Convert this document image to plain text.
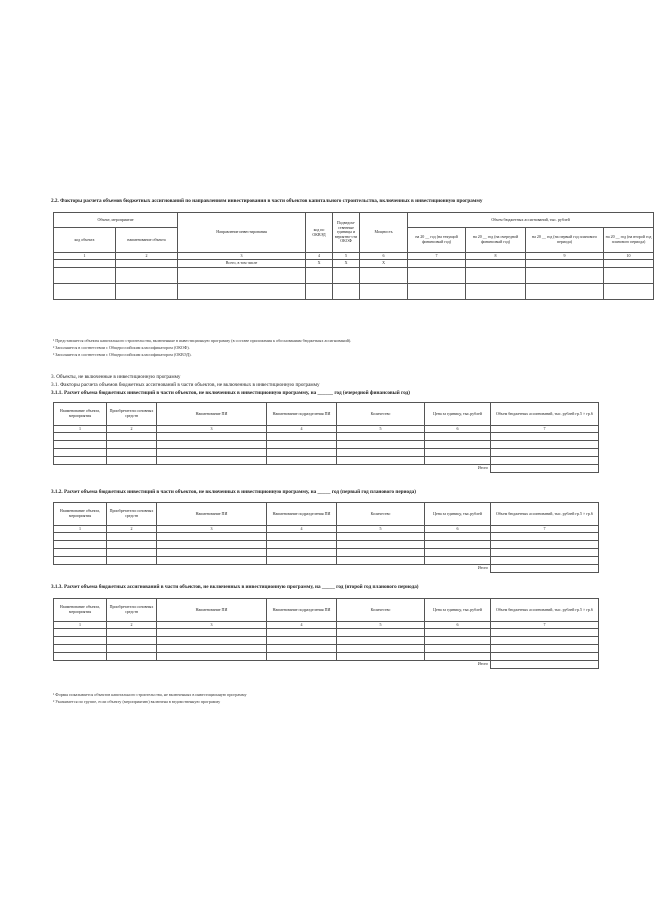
2.2. Факторы расчета объемов бюджетных ассигнований по направлениям инвестирования в части объектов капитального строительства, включенных в инвестиционную программу
Объект, мероприятие		Направление инвестирования	код по ОКВЭД	Подведом-ственные единицы и вероятно-сти ОКОФ	Мощность	Объем бюджетных ассигнований, тыс. рублей			
код объекта	наименование объекта					на 20 __ год (на текущий финансовый год)	на 20 __ год (на очередной финансовый год)	на 20 __ год (на первый год планового периода)	на 20 __ год (на второй год планового периода)
1	2	3	4	5	6	7	8	9	10
		Всего, в том числе	Х	Х	Х				

¹ Представляется объекты капитального строительства, включенные в инвестиционную программу (в составе приложения к обоснованиям бюджетных ассигнований).
² Заполняется в соответствии с Общероссийским классификатором (ОКОФ).
³ Заполняется в соответствии с Общероссийским классификатором (ОКВЭД).
3. Объекты, не включенные в инвестиционную программу
3.1. Факторы расчета объемов бюджетных ассигнований в части объектов, не включенных в инвестиционную программу
3.1.1. Расчет объема бюджетных инвестиций в части объектов, не включенных в инвестиционную программу, на ______ год (очередной финансовый год)
Наименование объекта, мероприятия	Приобретатели основных средств	Наименование ПИ	Наименование подразделения ПИ	Количество	Цена за единицу, тыс.рублей	Объем бюджетных ассигнований, тыс. рублей гр.5 × гр.6
1	2	3	4	5	6	7

					Итого	
3.1.2. Расчет объема бюджетных инвестиций в части объектов, не включенных в инвестиционную программу, на _____ год (первый год планового периода)
Наименование объекта, мероприятия	Приобретатели основных средств	Наименование ПИ	Наименование подразделения ПИ	Количество	Цена за единицу, тыс.рублей	Объем бюджетных ассигнований, тыс. рублей гр.5 × гр.6
1	2	3	4	5	6	7

					Итого	
3.1.3. Расчет объема бюджетных ассигнований в части объектов, не включенных в инвестиционную программу, на _____ год (второй год планового периода)
Наименование объекта, мероприятия	Приобретатели основных средств	Наименование ПИ	Наименование подразделения ПИ	Количество	Цена за единицу, тыс.рублей	Объем бюджетных ассигнований, тыс. рублей гр.5 × гр.6
1	2	3	4	5	6	7

					Итого	
¹ Формы показывается объектов капитального строительства, не включенных в инвестиционную программу
² Указывается по группе, если объекту (мероприятию) включена в ведомственную программу
